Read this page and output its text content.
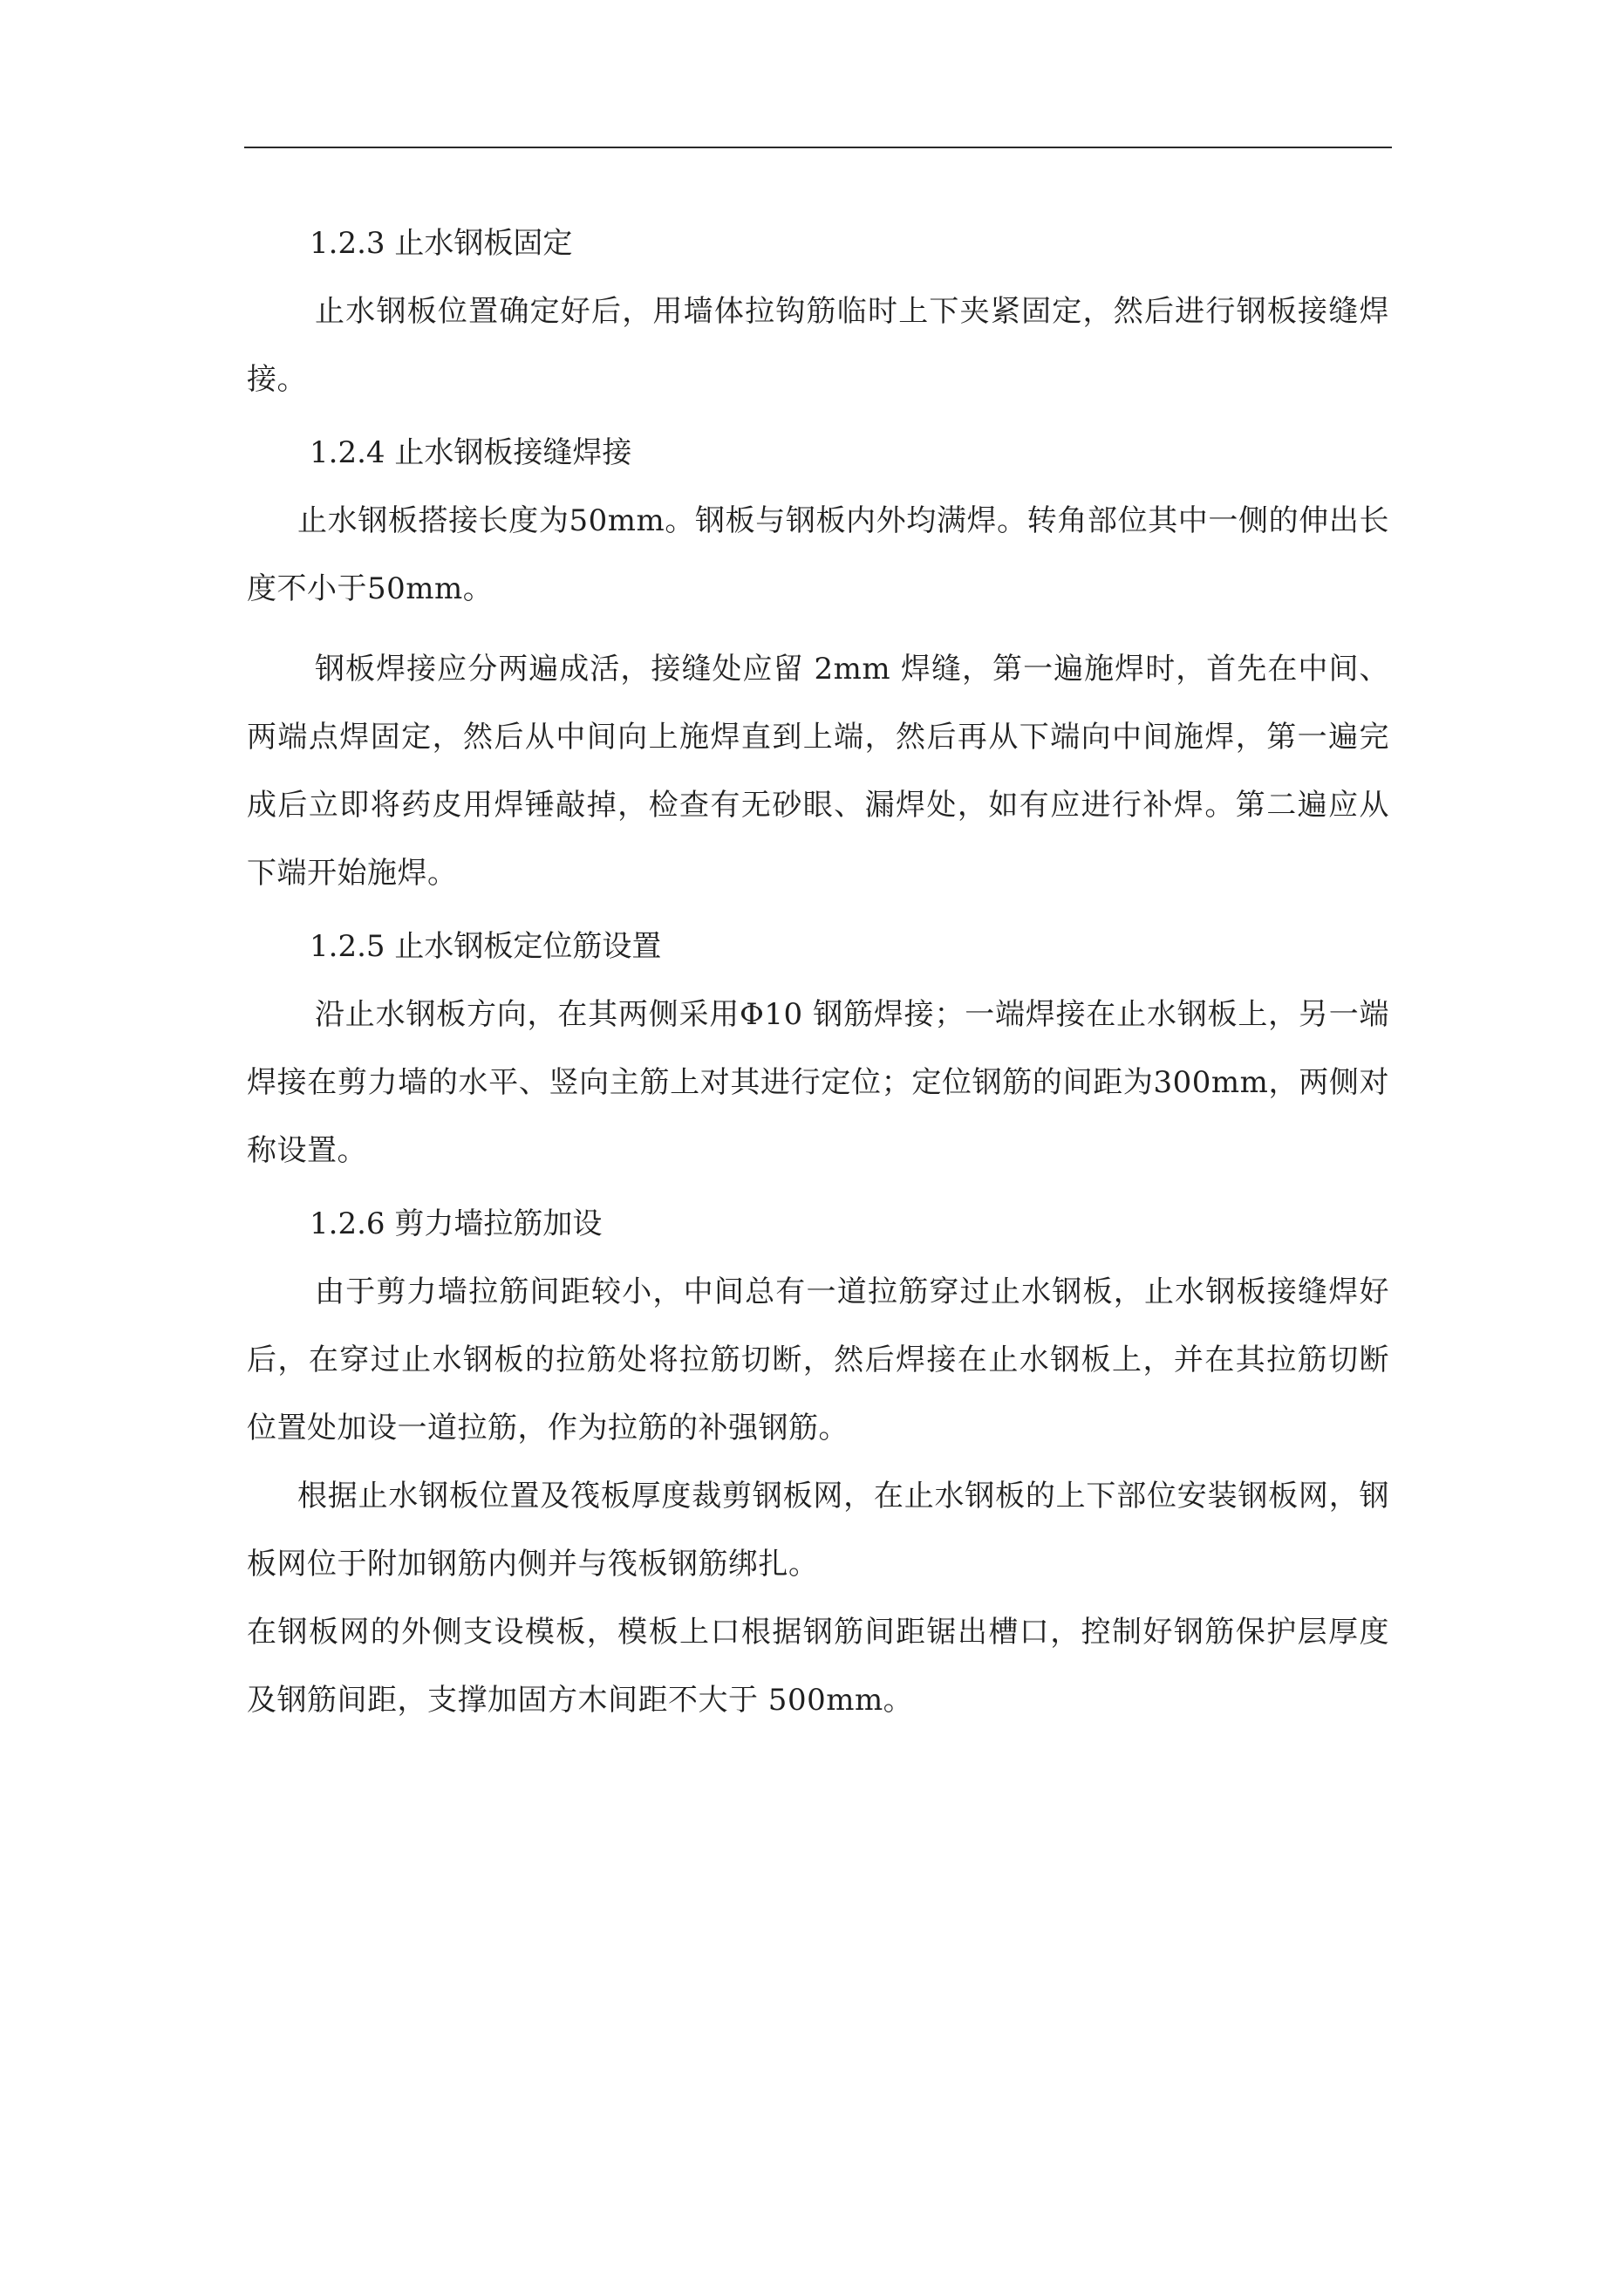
1.2.3 止水钢板固定

止水钢板位置确定好后，用墙体拉钩筋临时上下夹紧固定，然后进行钢板接缝焊接。

1.2.4 止水钢板接缝焊接

止水钢板搭接长度为50mm。钢板与钢板内外均满焊。转角部位其中一侧的伸出长度不小于50mm。

钢板焊接应分两遍成活，接缝处应留 2mm 焊缝，第一遍施焊时，首先在中间、两端点焊固定，然后从中间向上施焊直到上端，然后再从下端向中间施焊，第一遍完成后立即将药皮用焊锤敲掉，检查有无砂眼、漏焊处，如有应进行补焊。第二遍应从下端开始施焊。

1.2.5 止水钢板定位筋设置

沿止水钢板方向，在其两侧采用Φ10 钢筋焊接；一端焊接在止水钢板上，另一端焊接在剪力墙的水平、竖向主筋上对其进行定位；定位钢筋的间距为300mm，两侧对称设置。

1.2.6 剪力墙拉筋加设

由于剪力墙拉筋间距较小，中间总有一道拉筋穿过止水钢板，止水钢板接缝焊好后，在穿过止水钢板的拉筋处将拉筋切断，然后焊接在止水钢板上，并在其拉筋切断位置处加设一道拉筋，作为拉筋的补强钢筋。

根据止水钢板位置及筏板厚度裁剪钢板网，在止水钢板的上下部位安装钢板网，钢板网位于附加钢筋内侧并与筏板钢筋绑扎。

在钢板网的外侧支设模板，模板上口根据钢筋间距锯出槽口，控制好钢筋保护层厚度及钢筋间距，支撑加固方木间距不大于 500mm。
